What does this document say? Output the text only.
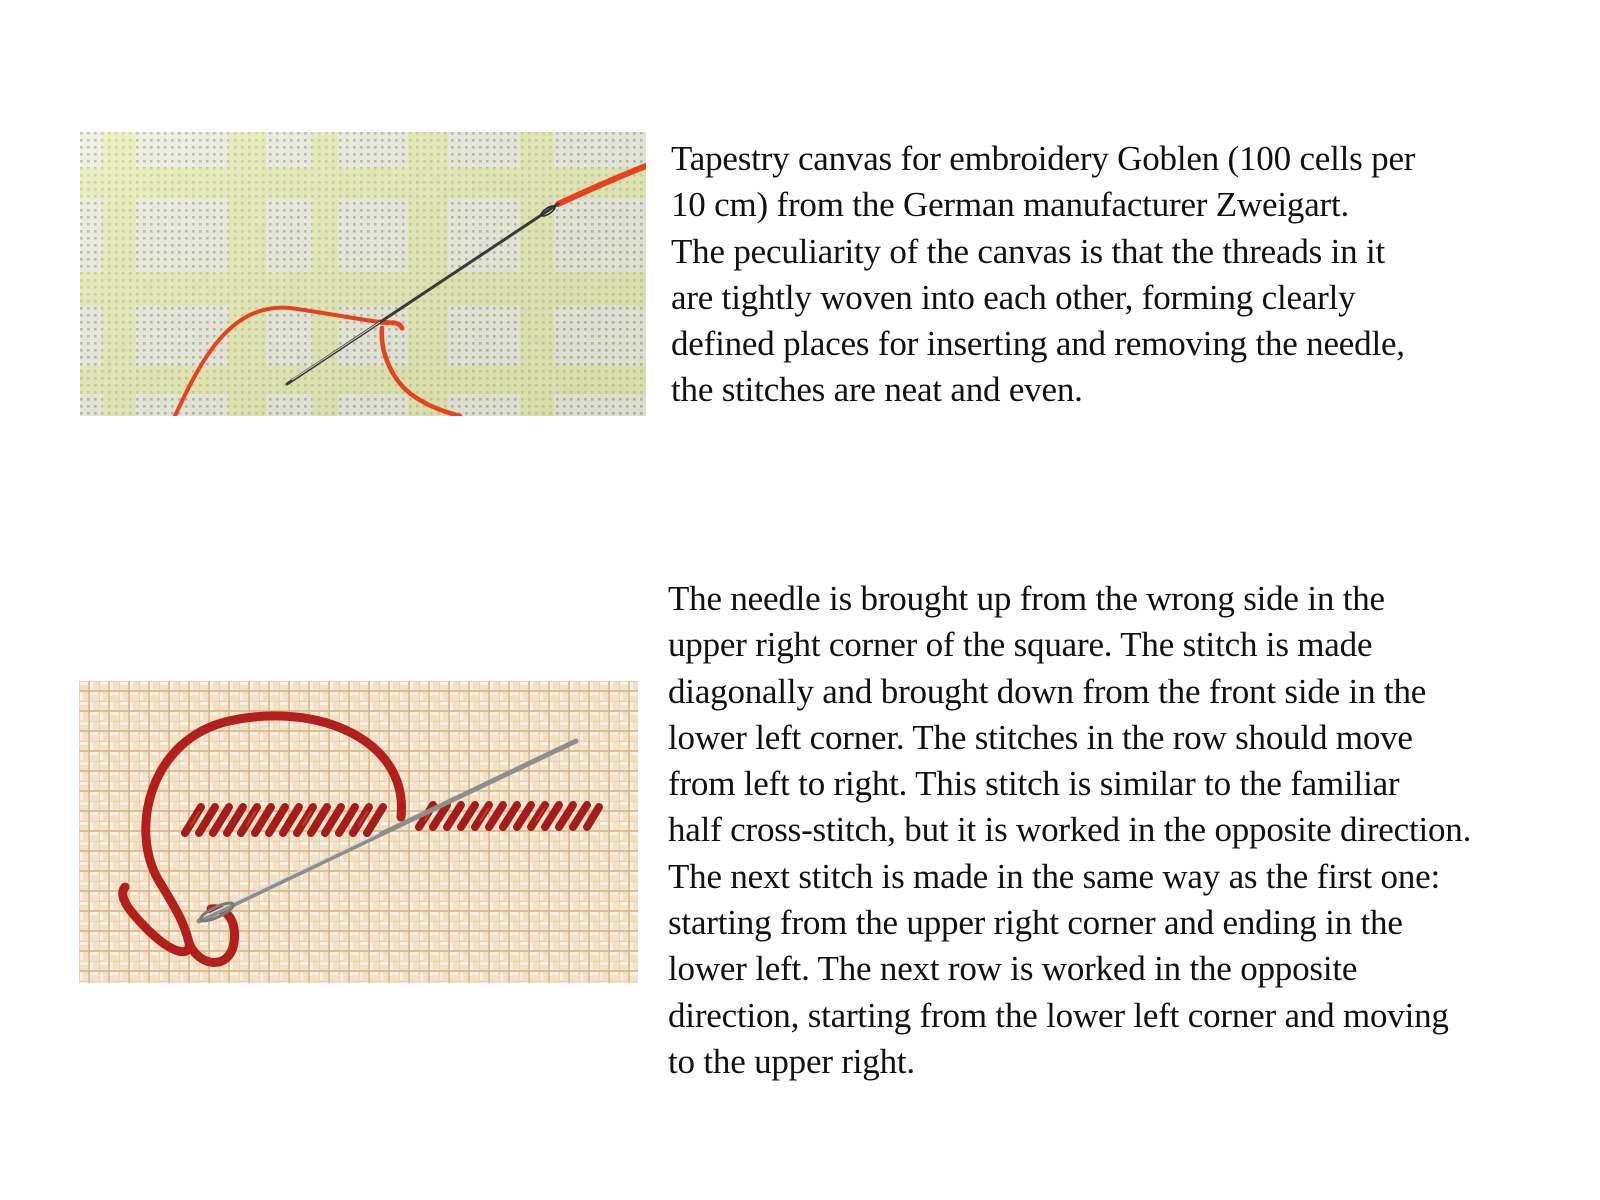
Tapestry canvas for embroidery Goblen (100 cells per
10 cm) from the German manufacturer Zweigart.
The peculiarity of the canvas is that the threads in it
are tightly woven into each other, forming clearly
defined places for inserting and removing the needle,
the stitches are neat and even.

The needle is brought up from the wrong side in the
upper right corner of the square. The stitch is made
diagonally and brought down from the front side in the
lower left corner. The stitches in the row should move
from left to right. This stitch is similar to the familiar
half cross-stitch, but it is worked in the opposite direction.
The next stitch is made in the same way as the first one:
starting from the upper right corner and ending in the
lower left. The next row is worked in the opposite
direction, starting from the lower left corner and moving
to the upper right.
